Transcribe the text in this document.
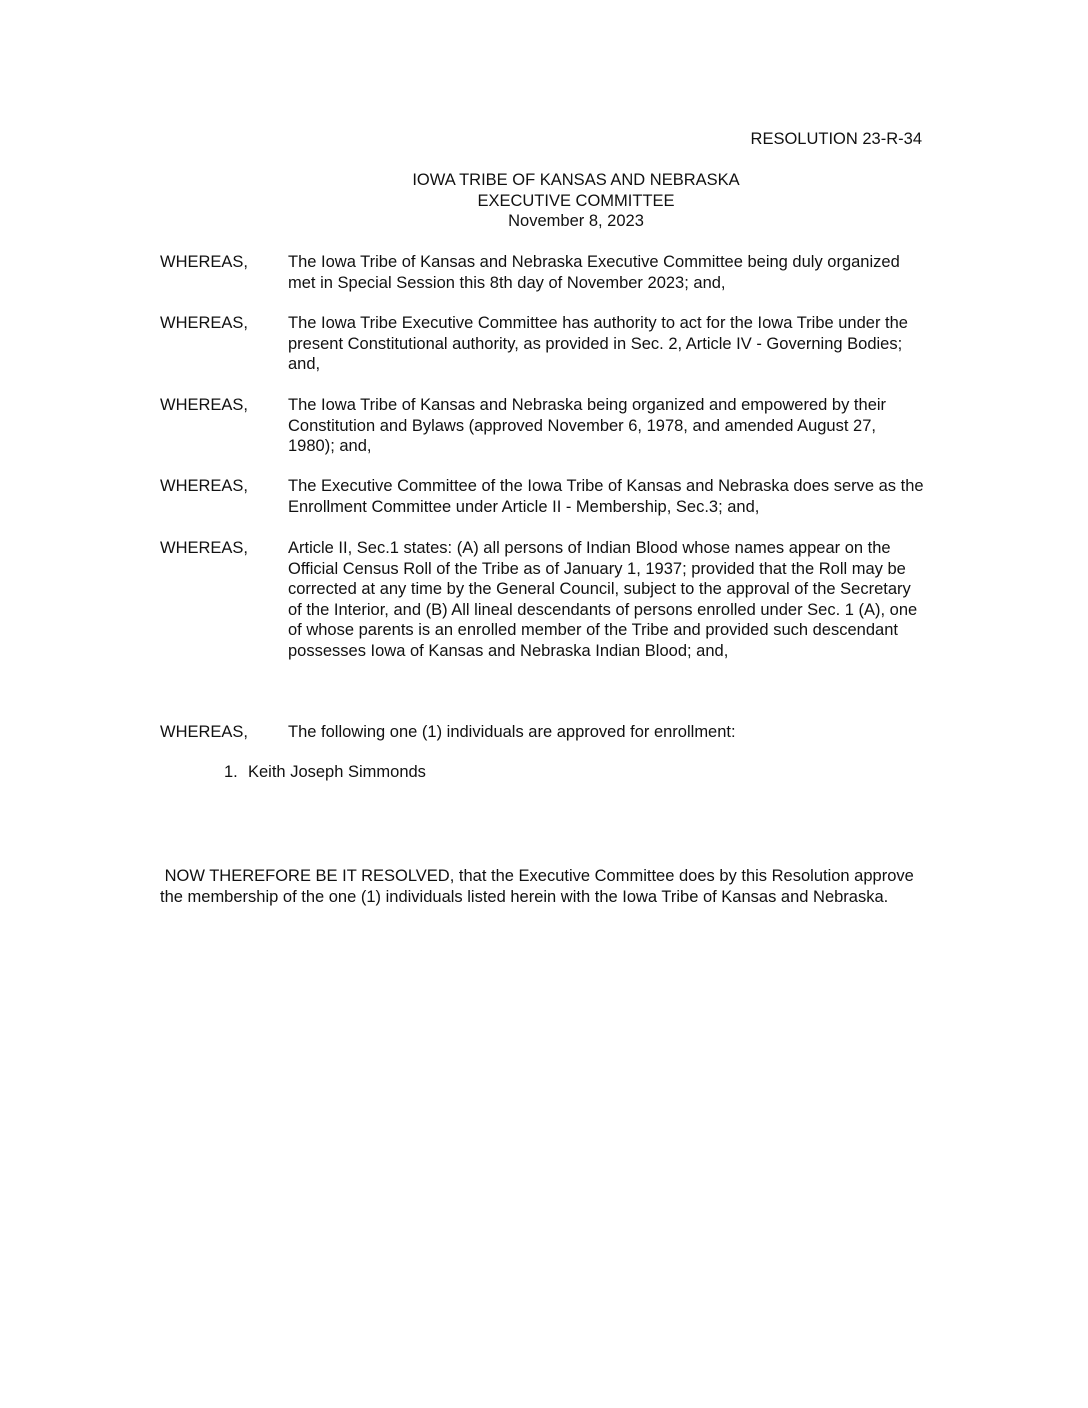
RESOLUTION 23-R-34
IOWA TRIBE OF KANSAS AND NEBRASKA
EXECUTIVE COMMITTEE
November 8, 2023
WHEREAS,	The Iowa Tribe of Kansas and Nebraska Executive Committee being duly organized met in Special Session this 8th day of November 2023; and,
WHEREAS,	The Iowa Tribe Executive Committee has authority to act for the Iowa Tribe under the present Constitutional authority, as provided in Sec. 2, Article IV - Governing Bodies; and,
WHEREAS,	The Iowa Tribe of Kansas and Nebraska being organized and empowered by their Constitution and Bylaws (approved November 6, 1978, and amended August 27, 1980); and,
WHEREAS,	The Executive Committee of the Iowa Tribe of Kansas and Nebraska does serve as the Enrollment Committee under Article II - Membership, Sec.3; and,
WHEREAS,	Article II, Sec.1 states: (A) all persons of Indian Blood whose names appear on the Official Census Roll of the Tribe as of January 1, 1937; provided that the Roll may be corrected at any time by the General Council, subject to the approval of the Secretary of the Interior, and (B) All lineal descendants of persons enrolled under Sec. 1 (A), one of whose parents is an enrolled member of the Tribe and provided such descendant possesses Iowa of Kansas and Nebraska Indian Blood; and,
WHEREAS,	The following one (1) individuals are approved for enrollment:
1. Keith Joseph Simmonds
NOW THEREFORE BE IT RESOLVED, that the Executive Committee does by this Resolution approve the membership of the one (1) individuals listed herein with the Iowa Tribe of Kansas and Nebraska.
